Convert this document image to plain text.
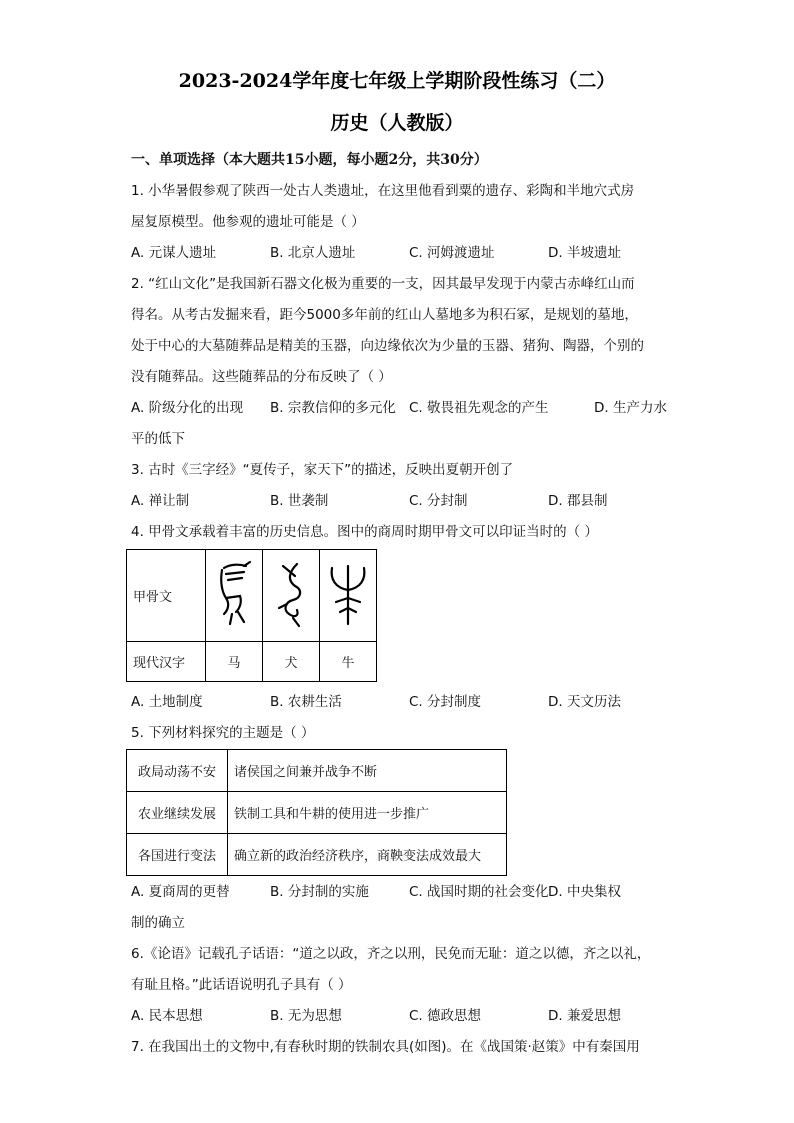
2023-2024学年度七年级上学期阶段性练习（二）
历史（人教版）
一、单项选择（本大题共15小题，每小题2分，共30分）
1. 小华暑假参观了陕西一处古人类遗址，在这里他看到粟的遗存、彩陶和半地穴式房
屋复原模型。他参观的遗址可能是（ ）
A. 元谋人遗址	B. 北京人遗址	C. 河姆渡遗址	D. 半坡遗址
2. “红山文化”是我国新石器文化极为重要的一支，因其最早发现于内蒙古赤峰红山而
得名。从考古发掘来看，距今5000多年前的红山人墓地多为积石冢，是规划的墓地，
处于中心的大墓随葬品是精美的玉器，向边缘依次为少量的玉器、猪狗、陶器，个别的
没有随葬品。这些随葬品的分布反映了（ ）
A. 阶级分化的出现 B. 宗教信仰的多元化 C. 敬畏祖先观念的产生	D. 生产力水
平的低下
3. 古时《三字经》“夏传子，家天下”的描述，反映出夏朝开创了
A. 禅让制	B. 世袭制	C. 分封制	D. 郡县制
4. 甲骨文承载着丰富的历史信息。图中的商周时期甲骨文可以印证当时的（ ）
甲骨文			
现代汉字	马	犬	牛
A. 土地制度	B. 农耕生活	C. 分封制度	D. 天文历法
5. 下列材料探究的主题是（ ）
政局动荡不安	诸侯国之间兼并战争不断
农业继续发展	铁制工具和牛耕的使用进一步推广
各国进行变法	确立新的政治经济秩序，商鞅变法成效最大
A. 夏商周的更替	B. 分封制的实施	C. 战国时期的社会变化 D. 中央集权
制的确立
6.《论语》记载孔子话语：“道之以政，齐之以刑，民免而无耻：道之以德，齐之以礼，
有耻且格。”此话语说明孔子具有（ ）
A. 民本思想	B. 无为思想	C. 德政思想	D. 兼爱思想
7. 在我国出土的文物中,有春秋时期的铁制农具(如图)。在《战国策·赵策》中有秦国用
